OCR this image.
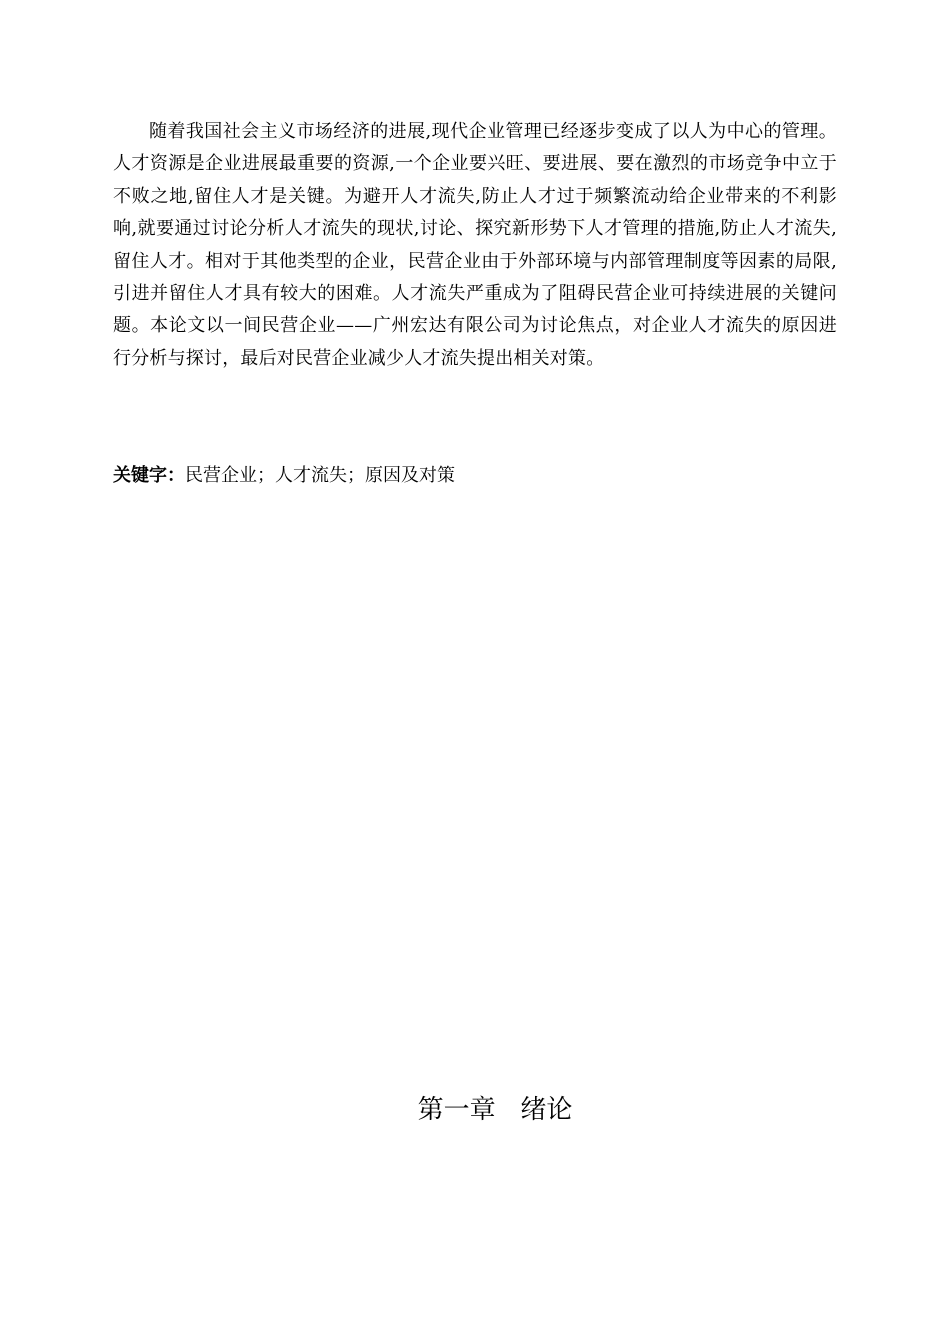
随着我国社会主义市场经济的进展,现代企业管理已经逐步变成了以人为中心的管理。人才资源是企业进展最重要的资源,一个企业要兴旺、要进展、要在激烈的市场竞争中立于不败之地,留住人才是关键。为避开人才流失,防止人才过于频繁流动给企业带来的不利影响,就要通过讨论分析人才流失的现状,讨论、探究新形势下人才管理的措施,防止人才流失,留住人才。相对于其他类型的企业，民营企业由于外部环境与内部管理制度等因素的局限, 引进并留住人才具有较大的困难。人才流失严重成为了阻碍民营企业可持续进展的关键问题。本论文以一间民营企业——广州宏达有限公司为讨论焦点，对企业人才流失的原因进行分析与探讨，最后对民营企业减少人才流失提出相关对策。

关键字：民营企业；人才流失；原因及对策

第一章   绪论
